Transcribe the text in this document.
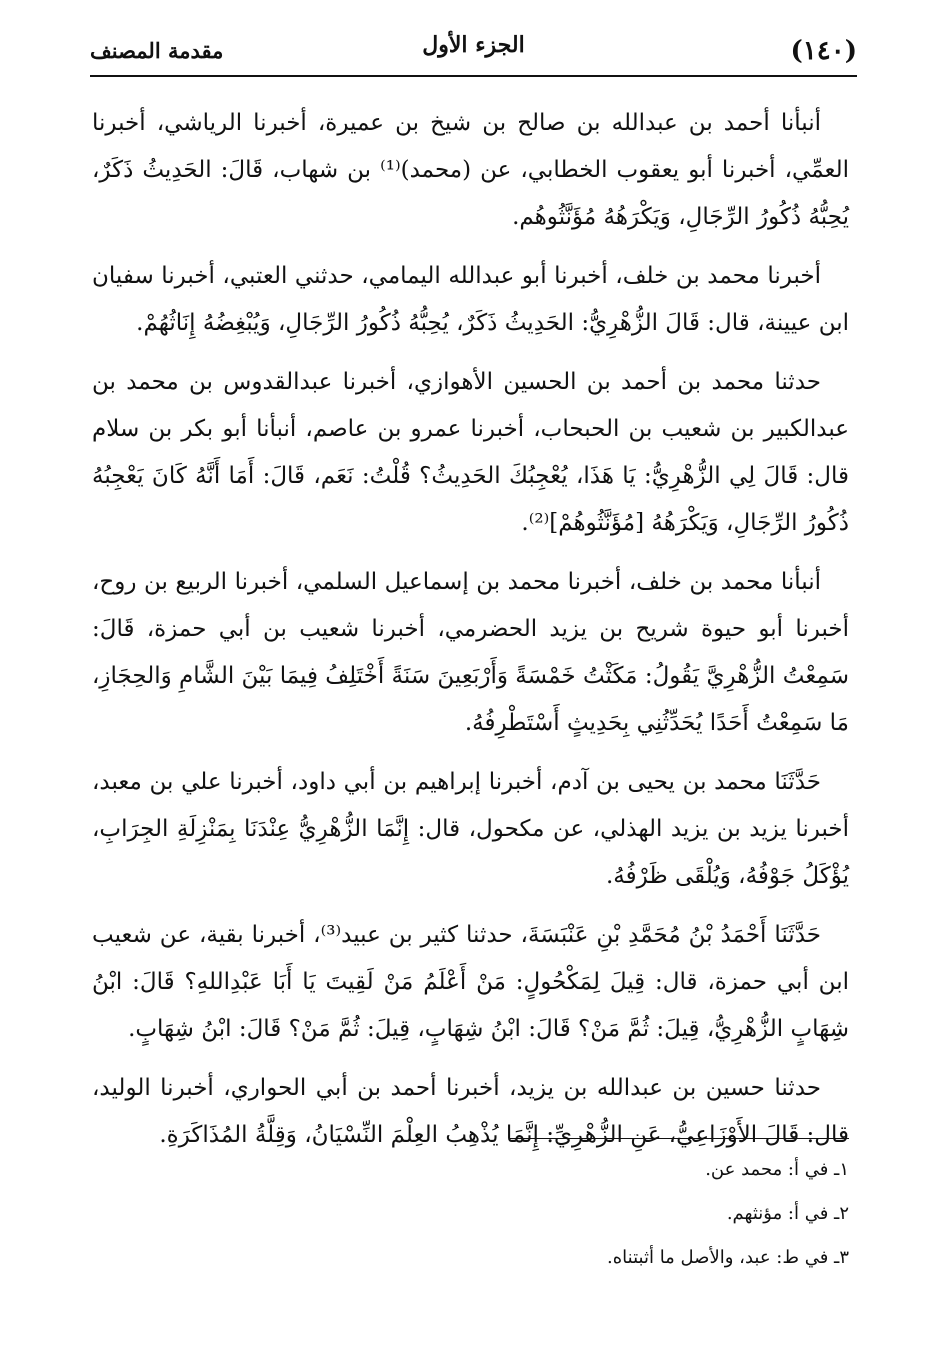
(١٤٠)
الجزء الأول
مقدمة المصنف

أنبأنا أحمد بن عبدالله بن صالح بن شيخ بن عميرة، أخبرنا الرياشي، أخبرنا العمِّي، أخبرنا أبو يعقوب الخطابي، عن (محمد)⁽¹⁾ بن شهاب، قَالَ: الحَدِيثُ ذَكَرٌ، يُحِبُّهُ ذُكُورُ الرِّجَالِ، وَيَكْرَهُهُ مُؤَنَّثُوهُم.

أخبرنا محمد بن خلف، أخبرنا أبو عبدالله اليمامي، حدثني العتبي، أخبرنا سفيان ابن عيينة، قال: قَالَ الزُّهْرِيُّ: الحَدِيثُ ذَكَرٌ، يُحِبُّهُ ذُكُورُ الرِّجَالِ، وَيُبْغِضُهُ إِنَاثُهُمْ.

حدثنا محمد بن أحمد بن الحسين الأهوازي، أخبرنا عبدالقدوس بن محمد بن عبدالكبير بن شعيب بن الحبحاب، أخبرنا عمرو بن عاصم، أنبأنا أبو بكر بن سلام قال: قَالَ لِي الزُّهْرِيُّ: يَا هَذَا، يُعْجِبُكَ الحَدِيثُ؟ قُلْتُ: نَعَم، قَالَ: أَمَا أَنَّهُ كَانَ يَعْجِبُهُ ذُكُورُ الرِّجَالِ، وَيَكْرَهُهُ [مُؤَنَّثُوهُمْ]⁽²⁾.

أنبأنا محمد بن خلف، أخبرنا محمد بن إسماعيل السلمي، أخبرنا الربيع بن روح، أخبرنا أبو حيوة شريح بن يزيد الحضرمي، أخبرنا شعيب بن أبي حمزة، قَالَ: سَمِعْتُ الزُّهْرِيَّ يَقُولُ: مَكَثْتُ خَمْسَةً وَأَرْبَعِينَ سَنَةً أَخْتَلِفُ فِيمَا بَيْنَ الشَّامِ وَالحِجَازِ، مَا سَمِعْتُ أَحَدًا يُحَدِّثُنِي بِحَدِيثٍ أَسْتَطْرِفُهُ.

حَدَّثَنَا محمد بن يحيى بن آدم، أخبرنا إبراهيم بن أبي داود، أخبرنا علي بن معبد، أخبرنا يزيد بن يزيد الهذلي، عن مكحول، قال: إِنَّمَا الزُّهْرِيُّ عِنْدَنَا بِمَنْزِلَةِ الجِرَابِ، يُؤْكَلُ جَوْفُهُ، وَيُلْقَى ظَرْفُهُ.

حَدَّثَنَا أَحْمَدُ بْنُ مُحَمَّدِ بْنِ عَنْبَسَةَ، حدثنا كثير بن عبيد⁽³⁾، أخبرنا بقية، عن شعيب ابن أبي حمزة، قال: قِيلَ لِمَكْحُولٍ: مَنْ أَعْلَمُ مَنْ لَقِيتَ يَا أَبَا عَبْدِاللهِ؟ قَالَ: ابْنُ شِهَابٍ الزُّهْرِيُّ، قِيلَ: ثُمَّ مَنْ؟ قَالَ: ابْنُ شِهَابٍ، قِيلَ: ثُمَّ مَنْ؟ قَالَ: ابْنُ شِهَابٍ.

حدثنا حسين بن عبدالله بن يزيد، أخبرنا أحمد بن أبي الحواري، أخبرنا الوليد، قال: قَالَ الأَوْزَاعِيُّ، عَنِ الزُّهْرِيِّ: إِنَّمَا يُذْهِبُ العِلْمَ النِّسْيَانُ، وَقِلَّةُ المُذَاكَرَةِ.

١ـ في أ: محمد عن.

٢ـ في أ: مؤنثهم.

٣ـ في ط: عبد، والأصل ما أثبتناه.
